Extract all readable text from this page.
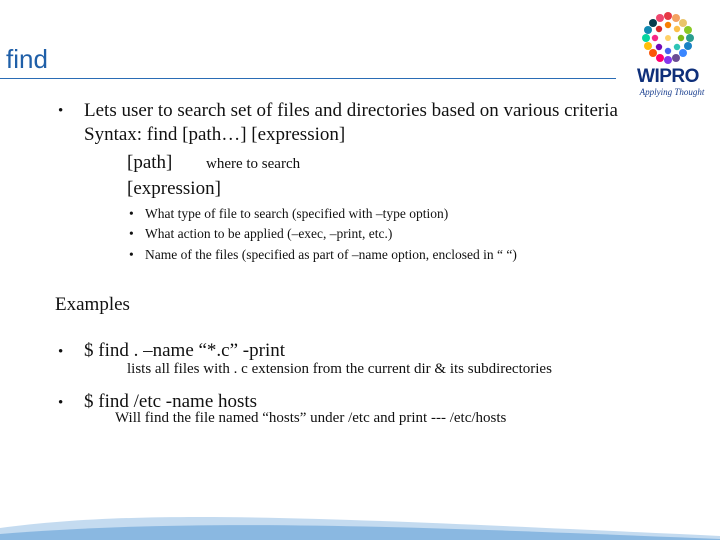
find
WIPRO
Applying Thought
• Lets user to search set of files and directories based on various criteria
Syntax: find [path…] [expression]
[path] where to search
[expression]
• What type of file to search (specified with –type option)
• What action to be applied (–exec, –print, etc.)
• Name of the files (specified as part of –name option, enclosed in “ “)
Examples
• $ find . –name “*.c” -print
lists all files with . c extension from the current dir & its subdirectories
• $ find /etc -name hosts
Will find the file named “hosts” under /etc and print --- /etc/hosts
